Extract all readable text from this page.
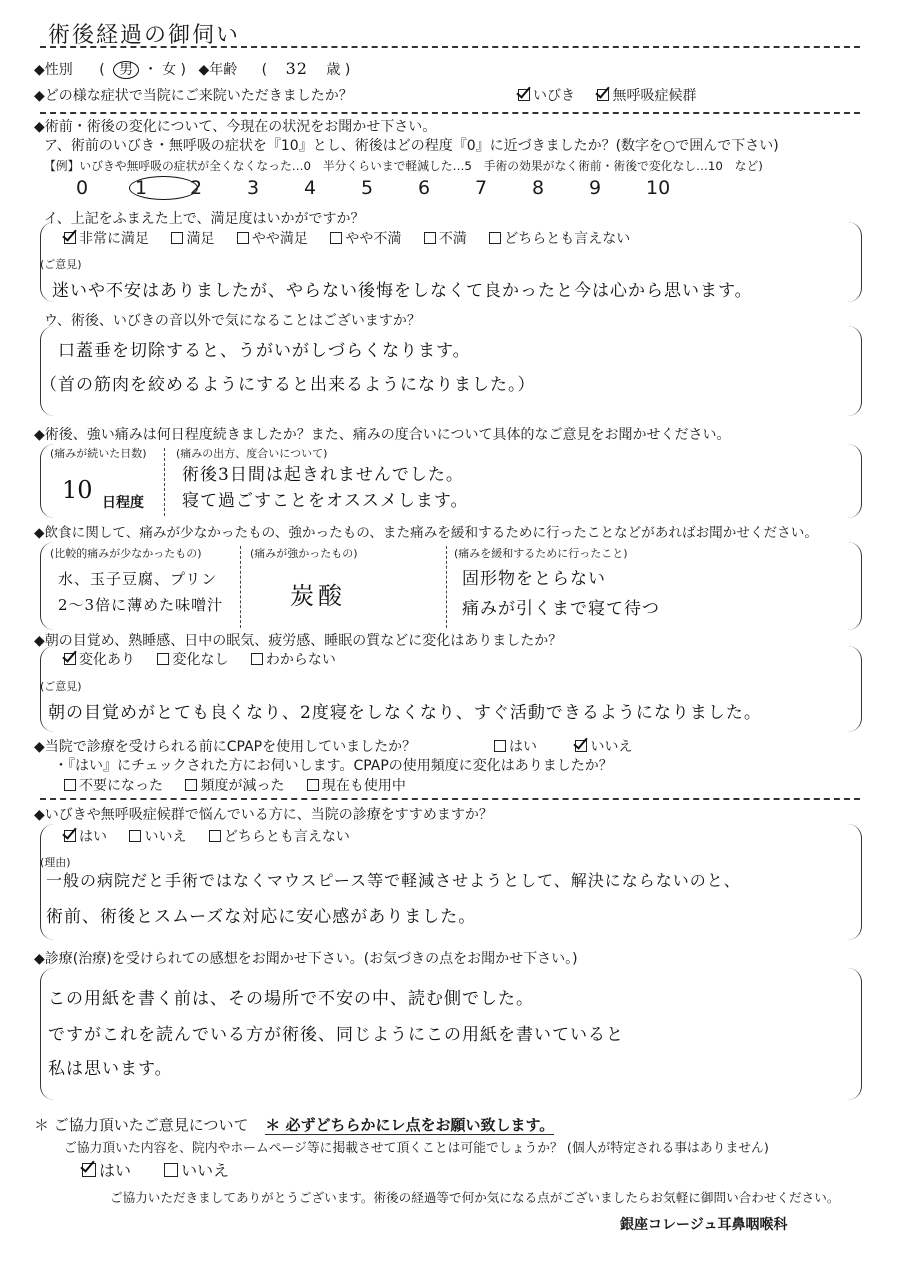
術後経過の御伺い
◆性別 ( 男 ・ 女 ) ◆年齢 ( 32 歳 )
◆どの様な症状で当院にご来院いただきましたか？	いびき	無呼吸症候群
◆術前・術後の変化について、今現在の状況をお聞かせ下さい。
ア、術前のいびき・無呼吸の症状を『10』とし、術後はどの程度『0』に近づきましたか？(数字を○で囲んで下さい)
【例】いびきや無呼吸の症状が全くなくなった…0　半分くらいまで軽減した…5　手術の効果がなく術前・術後で変化なし…10　など)
0 1 2 3 4 5 6 7 8 9 10
イ、上記をふまえた上で、満足度はいかがですか？
非常に満足	満足	やや満足	やや不満	不満	どちらとも言えない
(ご意見)
迷いや不安はありましたが、やらない後悔をしなくて良かったと今は心から思います。
ウ、術後、いびきの音以外で気になることはございますか？
口蓋垂を切除すると、うがいがしづらくなります。
（首の筋肉を絞めるようにすると出来るようになりました。）
◆術後、強い痛みは何日程度続きましたか？また、痛みの度合いについて具体的なご意見をお聞かせください。
(痛みが続いた日数)
10 日程度
(痛みの出方、度合いについて)
術後3日間は起きれませんでした。
寝て過ごすことをオススメします。
◆飲食に関して、痛みが少なかったもの、強かったもの、また痛みを緩和するために行ったことなどがあればお聞かせください。
(比較的痛みが少なかったもの)
水、玉子豆腐、プリン
2〜3倍に薄めた味噌汁
(痛みが強かったもの)
炭酸
(痛みを緩和するために行ったこと)
固形物をとらない
痛みが引くまで寝て待つ
◆朝の目覚め、熟睡感、日中の眠気、疲労感、睡眠の質などに変化はありましたか？
変化あり	変化なし	わからない
(ご意見)
朝の目覚めがとても良くなり、2度寝をしなくなり、すぐ活動できるようになりました。
◆当院で診療を受けられる前にCPAPを使用していましたか？	はい	いいえ
・『はい』にチェックされた方にお伺いします。CPAPの使用頻度に変化はありましたか？
不要になった	頻度が減った	現在も使用中
◆いびきや無呼吸症候群で悩んでいる方に、当院の診療をすすめますか？
はい	いいえ	どちらとも言えない
(理由)
一般の病院だと手術ではなくマウスピース等で軽減させようとして、解決にならないのと、
術前、術後とスムーズな対応に安心感がありました。
◆診療(治療)を受けられての感想をお聞かせ下さい。(お気づきの点をお聞かせ下さい。)
この用紙を書く前は、その場所で不安の中、読む側でした。
ですがこれを読んでいる方が術後、同じようにこの用紙を書いていると
私は思います。
＊ ご協力頂いたご意見について ＊ 必ずどちらかにレ点をお願い致します。
ご協力頂いた内容を、院内やホームページ等に掲載させて頂くことは可能でしょうか？ (個人が特定される事はありません)
はい	いいえ
ご協力いただきましてありがとうございます。術後の経過等で何か気になる点がございましたらお気軽に御問い合わせください。
銀座コレージュ耳鼻咽喉科
